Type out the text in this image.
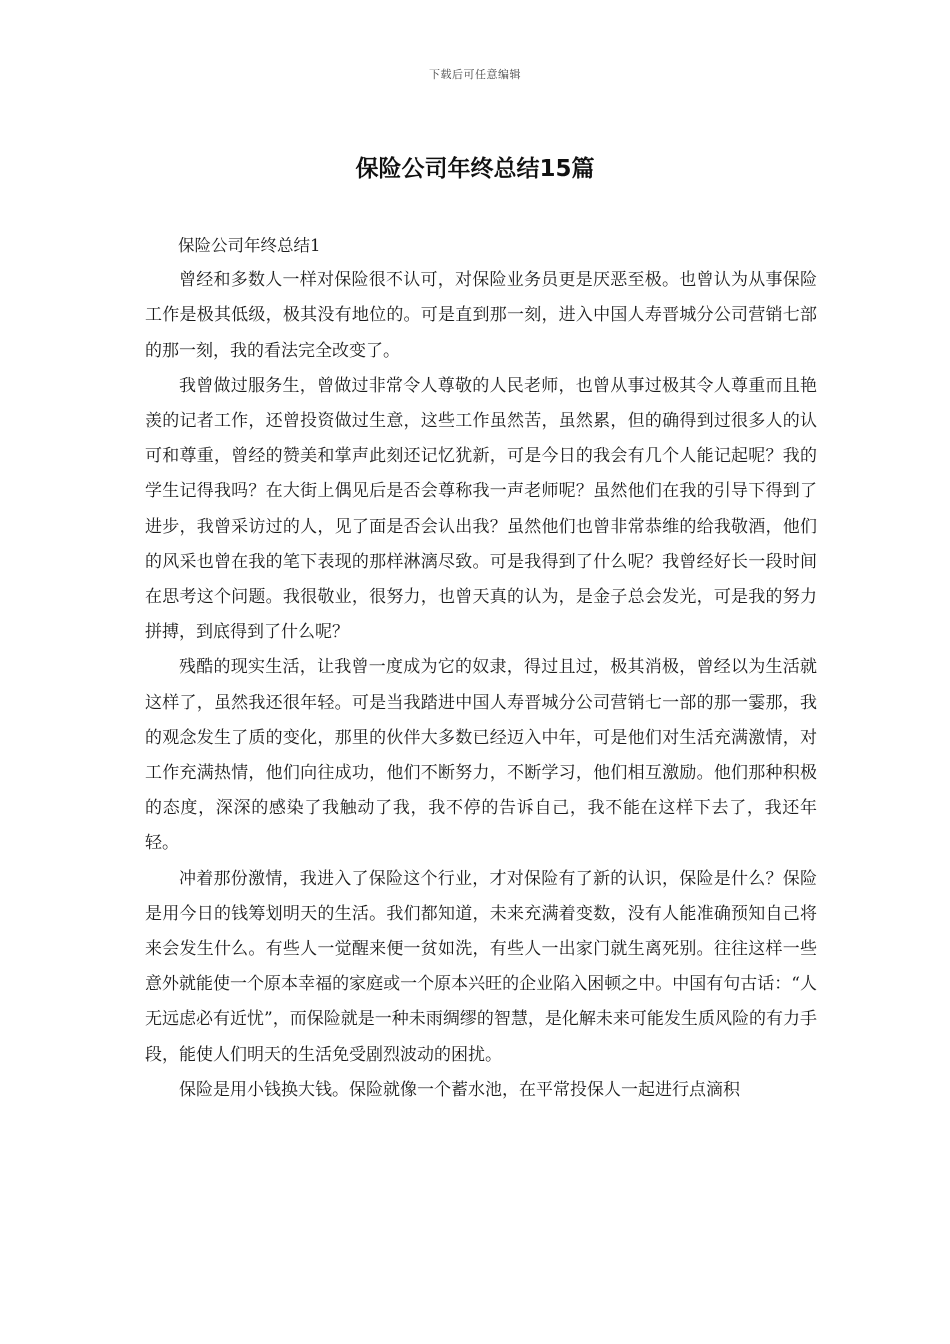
下载后可任意编辑
保险公司年终总结15篇

保险公司年终总结1

曾经和多数人一样对保险很不认可，对保险业务员更是厌恶至极。也曾认为从事保险工作是极其低级，极其没有地位的。可是直到那一刻，进入中国人寿晋城分公司营销七部的那一刻，我的看法完全改变了。

我曾做过服务生，曾做过非常令人尊敬的人民老师，也曾从事过极其令人尊重而且艳羡的记者工作，还曾投资做过生意，这些工作虽然苦，虽然累，但的确得到过很多人的认可和尊重，曾经的赞美和掌声此刻还记忆犹新，可是今日的我会有几个人能记起呢？我的学生记得我吗？在大街上偶见后是否会尊称我一声老师呢？虽然他们在我的引导下得到了进步，我曾采访过的人，见了面是否会认出我？虽然他们也曾非常恭维的给我敬酒，他们的风采也曾在我的笔下表现的那样淋漓尽致。可是我得到了什么呢？我曾经好长一段时间在思考这个问题。我很敬业，很努力，也曾天真的认为，是金子总会发光，可是我的努力拼搏，到底得到了什么呢？

残酷的现实生活，让我曾一度成为它的奴隶，得过且过，极其消极，曾经以为生活就这样了，虽然我还很年轻。可是当我踏进中国人寿晋城分公司营销七一部的那一霎那，我的观念发生了质的变化，那里的伙伴大多数已经迈入中年，可是他们对生活充满激情，对工作充满热情，他们向往成功，他们不断努力，不断学习，他们相互激励。他们那种积极的态度，深深的感染了我触动了我，我不停的告诉自己，我不能在这样下去了，我还年轻。

冲着那份激情，我进入了保险这个行业，才对保险有了新的认识，保险是什么？保险是用今日的钱筹划明天的生活。我们都知道，未来充满着变数，没有人能准确预知自己将来会发生什么。有些人一觉醒来便一贫如洗，有些人一出家门就生离死别。往往这样一些意外就能使一个原本幸福的家庭或一个原本兴旺的企业陷入困顿之中。中国有句古话：“人无远虑必有近忧”，而保险就是一种未雨绸缪的智慧，是化解未来可能发生质风险的有力手段，能使人们明天的生活免受剧烈波动的困扰。

保险是用小钱换大钱。保险就像一个蓄水池，在平常投保人一起进行点滴积
